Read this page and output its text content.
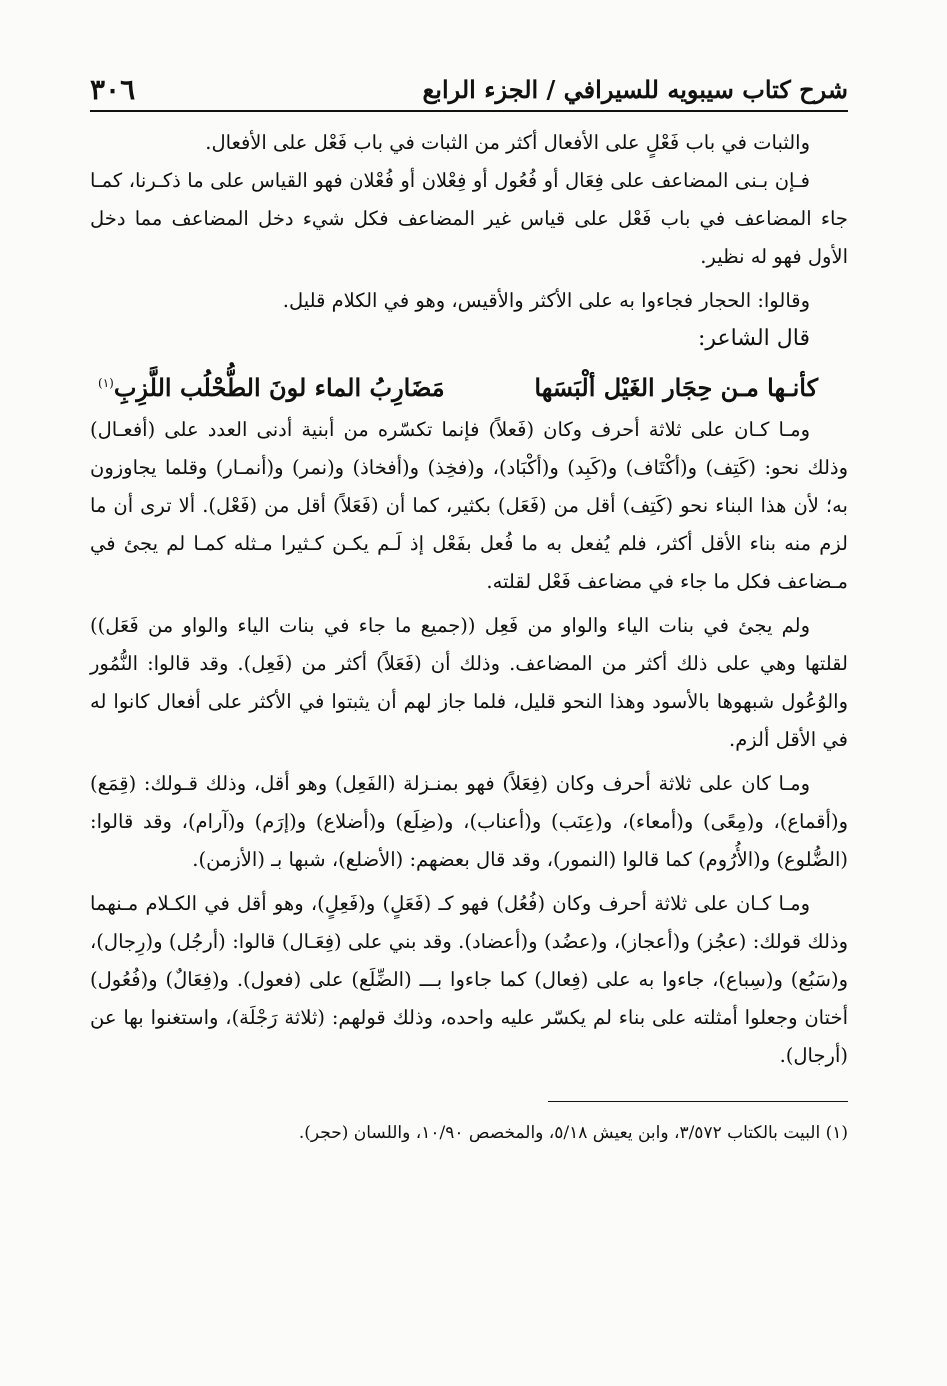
شرح كتاب سيبويه للسيرافي / الجزء الرابع
٣٠٦

والثبات في باب فَعْلٍ على الأفعال أكثر من الثبات في باب فَعْل على الأفعال.

فـإن بـنى المضاعف على فِعَال أو فُعُول أو فِعْلان أو فُعْلان فهو القياس على ما ذكـرنا، كمـا جاء المضاعف في باب فَعْل على قياس غير المضاعف فكل شيء دخل المضاعف مما دخل الأول فهو له نظير.

وقالوا: الحجار فجاءوا به على الأكثر والأقيس، وهو في الكلام قليل.

قال الشاعر:

كأنـها مـن حِجَار الغَيْل ألْبَسَها
مَضَارِبُ الماء لونَ الطُّحْلُب اللَّزِبِ$^{(١)}$

ومـا كـان على ثلاثة أحرف وكان (فَعلاً) فإنما تكسّره من أبنية أدنى العدد على (أفعـال) وذلك نحو: (كَتِف) و(أكْتَاف) و(كَبِد) و(أكْبَاد)، و(فخِذ) و(أفخاذ) و(نمر) و(أنمـار) وقلما يجاوزون به؛ لأن هذا البناء نحو (كَتِف) أقل من (فَعَل) بكثير، كما أن (فَعَلاً) أقل من (فَعْل). ألا ترى أن ما لزم منه بناء الأقل أكثر، فلم يُفعل به ما فُعل بفَعْل إذ لَـم يكـن كـثيرا مـثله كمـا لم يجئ في مـضاعف فكل ما جاء في مضاعف فَعْل لقلته.

ولم يجئ في بنات الياء والواو من فَعِل ((جميع ما جاء في بنات الياء والواو من فَعَل)) لقلتها وهي على ذلك أكثر من المضاعف. وذلك أن (فَعَلاً) أكثر من (فَعِل). وقد قالوا: النُّمُور والوُعُول شبهوها بالأسود وهذا النحو قليل، فلما جاز لهم أن يثبتوا في الأكثر على أفعال كانوا له في الأقل ألزم.

ومـا كان على ثلاثة أحرف وكان (فِعَلاً) فهو بمنـزلة (الفَعِل) وهو أقل، وذلك قـولك: (قِمَع) و(أقماع)، و(مِعًى) و(أمعاء)، و(عِنَب) و(أعناب)، و(ضِلَع) و(أضلاع) و(إرَم) و(آرام)، وقد قالوا: (الضُّلوع) و(الأُرُوم) كما قالوا (النمور)، وقد قال بعضهم: (الأضلع)، شبها بـ (الأزمن).

ومـا كـان على ثلاثة أحرف وكان (فُعُل) فهو كـ (فَعَلٍ) و(فَعِلٍ)، وهو أقل في الكـلام مـنهما وذلك قولك: (عجُز) و(أعجاز)، و(عضُد) و(أعضاد). وقد بني على (فِعَـال) قالوا: (أرجُل) و(رِجال)، و(سَبُع) و(سِباع)، جاءوا به على (فِعال) كما جاءوا بـــ (الضِّلَع) على (فعول). و(فِعَالٌ) و(فُعُول) أختان وجعلوا أمثلته على بناء لم يكسّر عليه واحده، وذلك قولهم: (ثلاثة رَجْلَة)، واستغنوا بها عن (أرجال).

(١) البيت بالكتاب ٣/٥٧٢، وابن يعيش ٥/١٨، والمخصص ١٠/٩٠، واللسان (حجر).
